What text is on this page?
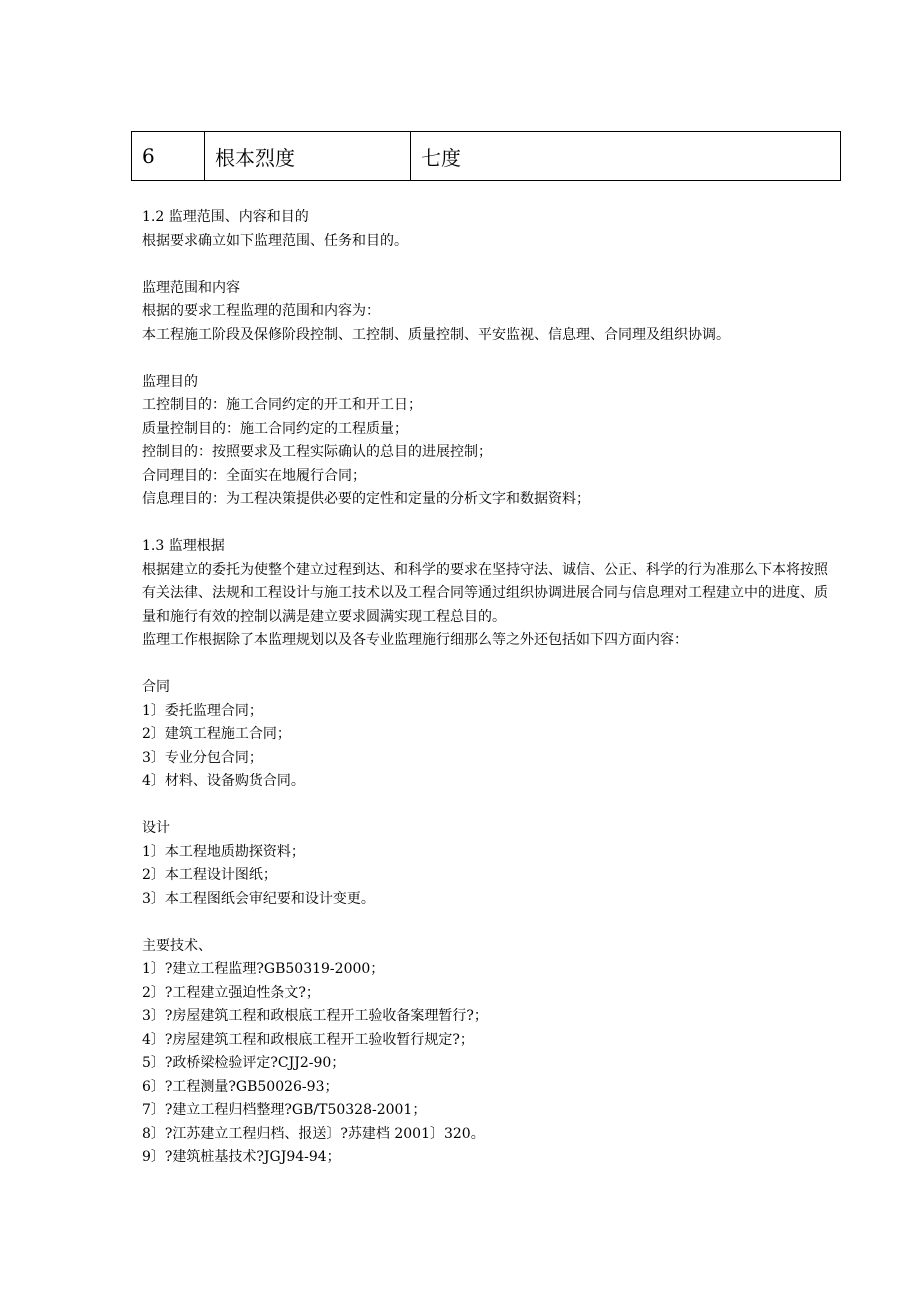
6	根本烈度	七度
1.2 监理范围、内容和目的
根据要求确立如下监理范围、任务和目的。
监理范围和内容
根据的要求工程监理的范围和内容为：
本工程施工阶段及保修阶段控制、工控制、质量控制、平安监视、信息理、合同理及组织协调。
监理目的
工控制目的：施工合同约定的开工和开工日；
质量控制目的：施工合同约定的工程质量；
控制目的：按照要求及工程实际确认的总目的进展控制；
合同理目的：全面实在地履行合同；
信息理目的：为工程决策提供必要的定性和定量的分析文字和数据资料；
1.3 监理根据
根据建立的委托为使整个建立过程到达、和科学的要求在坚持守法、诚信、公正、科学的行为准那么下本将按照有关法律、法规和工程设计与施工技术以及工程合同等通过组织协调进展合同与信息理对工程建立中的进度、质量和施行有效的控制以满是建立要求圆满实现工程总目的。
监理工作根据除了本监理规划以及各专业监理施行细那么等之外还包括如下四方面内容：
合同
1〕委托监理合同；
2〕建筑工程施工合同；
3〕专业分包合同；
4〕材料、设备购货合同。
设计
1〕本工程地质勘探资料；
2〕本工程设计图纸；
3〕本工程图纸会审纪要和设计变更。
主要技术、
1〕?建立工程监理?GB50319-2000；
2〕?工程建立强迫性条文?；
3〕?房屋建筑工程和政根底工程开工验收备案理暂行?；
4〕?房屋建筑工程和政根底工程开工验收暂行规定?；
5〕?政桥梁检验评定?CJJ2-90；
6〕?工程测量?GB50026-93；
7〕?建立工程归档整理?GB/T50328-2001；
8〕?江苏建立工程归档、报送〕?苏建档 2001〕320。
9〕?建筑桩基技术?JGJ94-94；
